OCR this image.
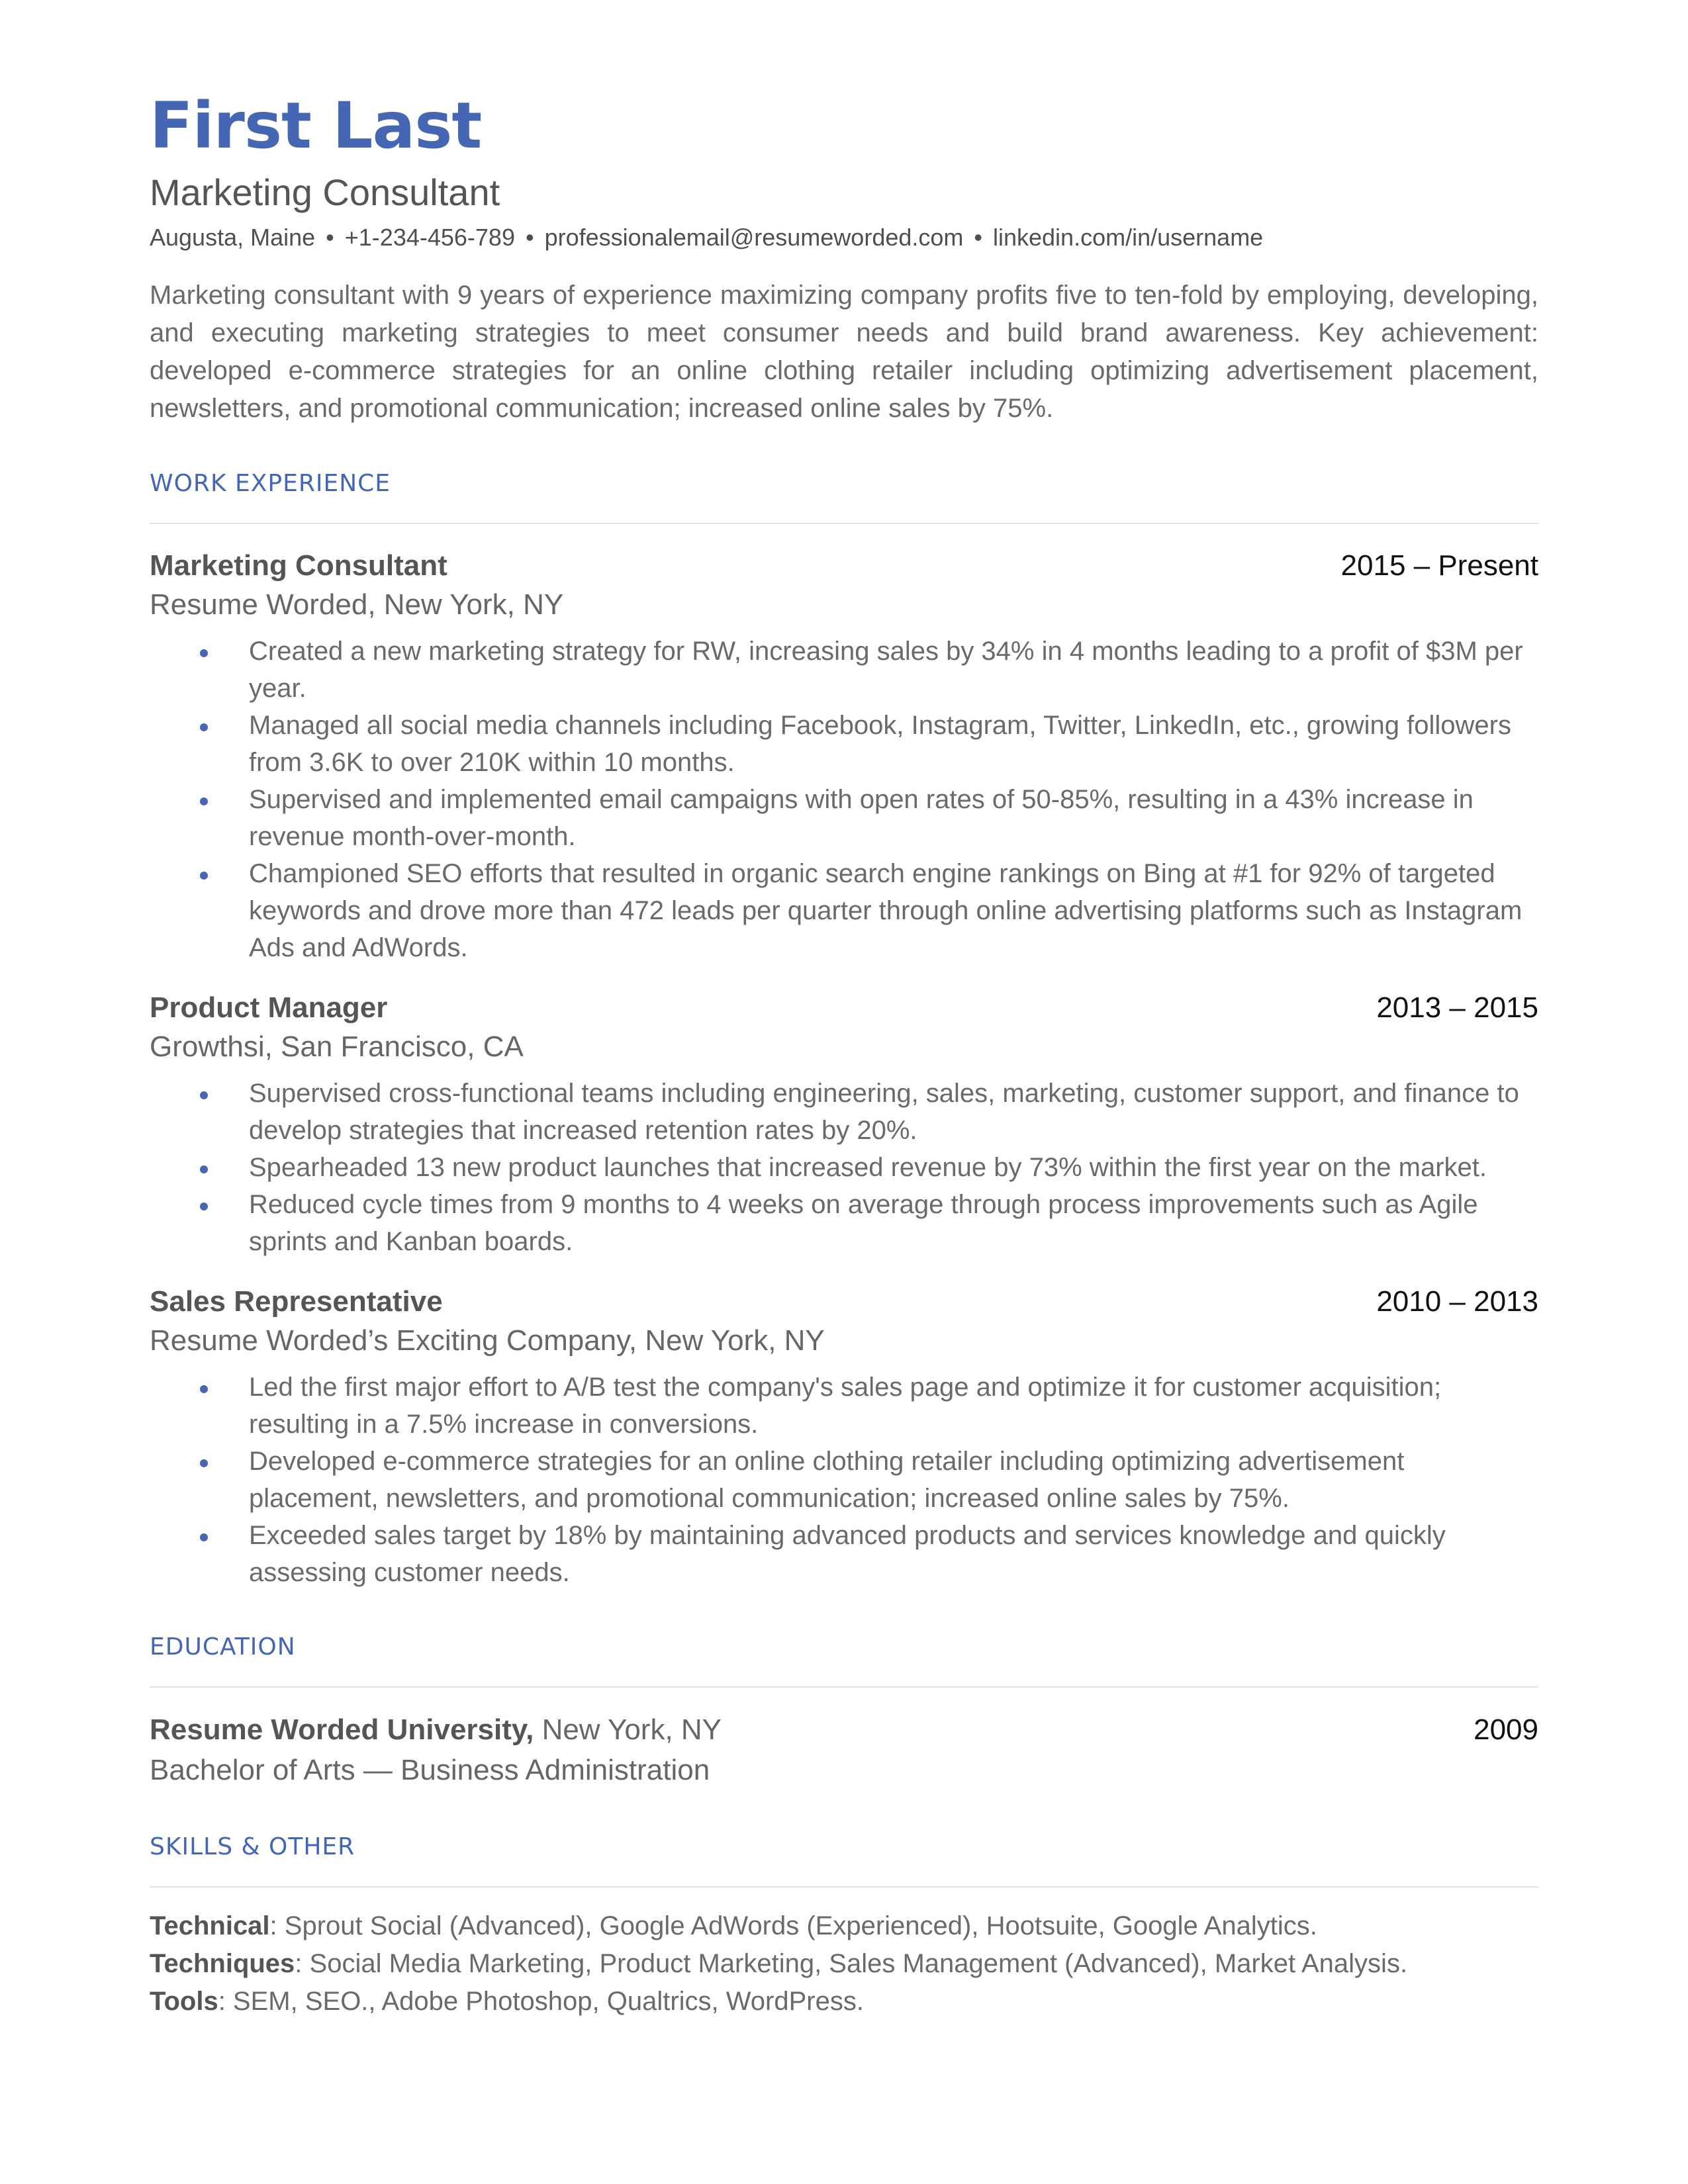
First Last
Marketing Consultant
Augusta, Maine • +1-234-456-789 • professionalemail@resumeworded.com • linkedin.com/in/username
Marketing consultant with 9 years of experience maximizing company profits five to ten-fold by employing, developing, and executing marketing strategies to meet consumer needs and build brand awareness. Key achievement: developed e-commerce strategies for an online clothing retailer including optimizing advertisement placement, newsletters, and promotional communication; increased online sales by 75%.
WORK EXPERIENCE
Marketing Consultant	2015 – Present
Resume Worded, New York, NY
Created a new marketing strategy for RW, increasing sales by 34% in 4 months leading to a profit of $3M per year.
Managed all social media channels including Facebook, Instagram, Twitter, LinkedIn, etc., growing followers from 3.6K to over 210K within 10 months.
Supervised and implemented email campaigns with open rates of 50-85%, resulting in a 43% increase in revenue month-over-month.
Championed SEO efforts that resulted in organic search engine rankings on Bing at #1 for 92% of targeted keywords and drove more than 472 leads per quarter through online advertising platforms such as Instagram Ads and AdWords.
Product Manager	2013 – 2015
Growthsi, San Francisco, CA
Supervised cross-functional teams including engineering, sales, marketing, customer support, and finance to develop strategies that increased retention rates by 20%.
Spearheaded 13 new product launches that increased revenue by 73% within the first year on the market.
Reduced cycle times from 9 months to 4 weeks on average through process improvements such as Agile sprints and Kanban boards.
Sales Representative	2010 – 2013
Resume Worded’s Exciting Company, New York, NY
Led the first major effort to A/B test the company's sales page and optimize it for customer acquisition; resulting in a 7.5% increase in conversions.
Developed e-commerce strategies for an online clothing retailer including optimizing advertisement placement, newsletters, and promotional communication; increased online sales by 75%.
Exceeded sales target by 18% by maintaining advanced products and services knowledge and quickly assessing customer needs.
EDUCATION
Resume Worded University, New York, NY	2009
Bachelor of Arts — Business Administration
SKILLS & OTHER
Technical: Sprout Social (Advanced), Google AdWords (Experienced), Hootsuite, Google Analytics.
Techniques: Social Media Marketing, Product Marketing, Sales Management (Advanced), Market Analysis.
Tools: SEM, SEO., Adobe Photoshop, Qualtrics, WordPress.
